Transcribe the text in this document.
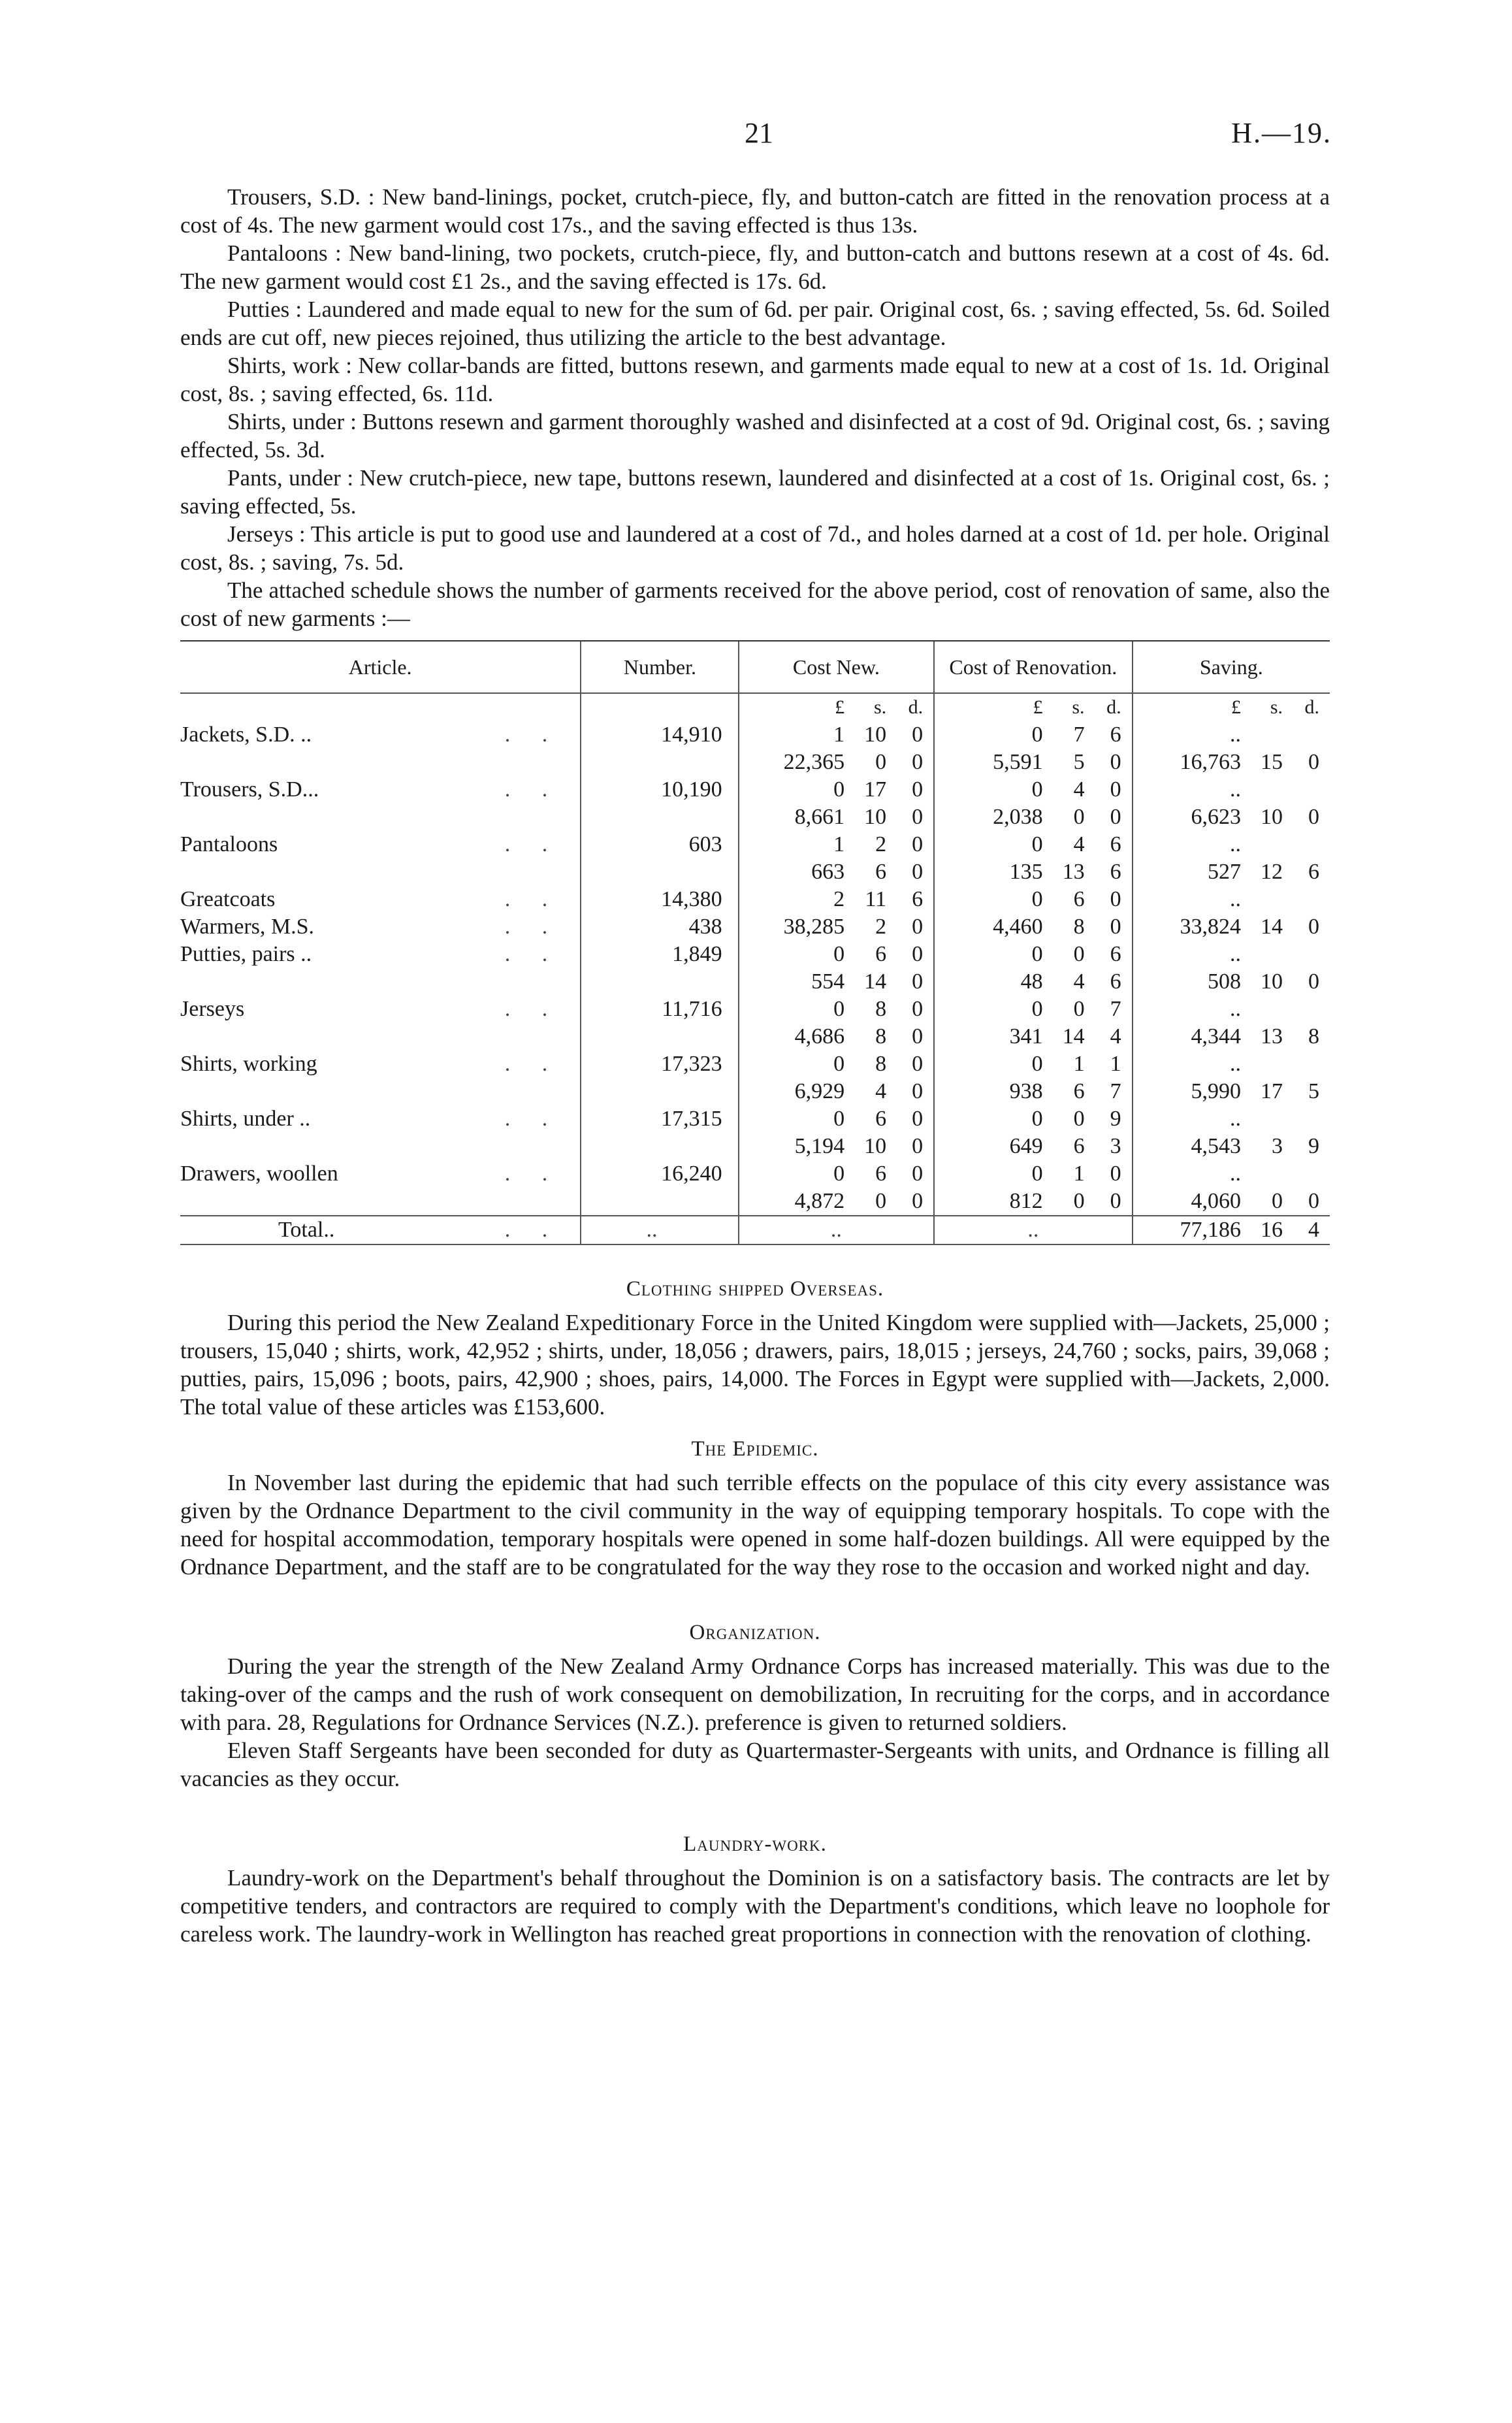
21	H.—19.

Trousers, S.D. : New band-linings, pocket, crutch-piece, fly, and button-catch are fitted in the renovation process at a cost of 4s. The new garment would cost 17s., and the saving effected is thus 13s.

Pantaloons : New band-lining, two pockets, crutch-piece, fly, and button-catch and buttons resewn at a cost of 4s. 6d. The new garment would cost £1 2s., and the saving effected is 17s. 6d.

Putties : Laundered and made equal to new for the sum of 6d. per pair. Original cost, 6s. ; saving effected, 5s. 6d. Soiled ends are cut off, new pieces rejoined, thus utilizing the article to the best advantage.

Shirts, work : New collar-bands are fitted, buttons resewn, and garments made equal to new at a cost of 1s. 1d. Original cost, 8s. ; saving effected, 6s. 11d.

Shirts, under : Buttons resewn and garment thoroughly washed and disinfected at a cost of 9d. Original cost, 6s. ; saving effected, 5s. 3d.

Pants, under : New crutch-piece, new tape, buttons resewn, laundered and disinfected at a cost of 1s. Original cost, 6s. ; saving effected, 5s.

Jerseys : This article is put to good use and laundered at a cost of 7d., and holes darned at a cost of 1d. per hole. Original cost, 8s. ; saving, 7s. 5d.

The attached schedule shows the number of garments received for the above period, cost of renovation of same, also the cost of new garments :—

Article.	Number.	Cost New.	Cost of Renovation.	Saving.

		£ s. d.	£ s. d.	£ s. d.

Jackets, S.D. .. . .	14,910	1 10 0	0 7 6	..

		22,365 0 0	5,591 5 0	16,763 15 0

Trousers, S.D... . .	10,190	0 17 0	0 4 0	..

		8,661 10 0	2,038 0 0	6,623 10 0

Pantaloons . .	603	1 2 0	0 4 6	..

		663 6 0	135 13 6	527 12 6

Greatcoats . .	14,380	2 11 6	0 6 0	..

Warmers, M.S. . .	438	38,285 2 0	4,460 8 0	33,824 14 0

Putties, pairs .. . .	1,849	0 6 0	0 0 6	..

		554 14 0	48 4 6	508 10 0

Jerseys . .	11,716	0 8 0	0 0 7	..

		4,686 8 0	341 14 4	4,344 13 8

Shirts, working . .	17,323	0 8 0	0 1 1	..

		6,929 4 0	938 6 7	5,990 17 5

Shirts, under .. . .	17,315	0 6 0	0 0 9	..

		5,194 10 0	649 6 3	4,543 3 9

Drawers, woollen . .	16,240	0 6 0	0 1 0	..

		4,872 0 0	812 0 0	4,060 0 0

Total.. . .	..	..	..	77,186 16 4
Clothing shipped Overseas.

During this period the New Zealand Expeditionary Force in the United Kingdom were supplied with—Jackets, 25,000 ; trousers, 15,040 ; shirts, work, 42,952 ; shirts, under, 18,056 ; drawers, pairs, 18,015 ; jerseys, 24,760 ; socks, pairs, 39,068 ; putties, pairs, 15,096 ; boots, pairs, 42,900 ; shoes, pairs, 14,000. The Forces in Egypt were supplied with—Jackets, 2,000. The total value of these articles was £153,600.

The Epidemic.

In November last during the epidemic that had such terrible effects on the populace of this city every assistance was given by the Ordnance Department to the civil community in the way of equipping temporary hospitals. To cope with the need for hospital accommodation, temporary hospitals were opened in some half-dozen buildings. All were equipped by the Ordnance Department, and the staff are to be congratulated for the way they rose to the occasion and worked night and day.

Organization.

During the year the strength of the New Zealand Army Ordnance Corps has increased materially. This was due to the taking-over of the camps and the rush of work consequent on demobilization, In recruiting for the corps, and in accordance with para. 28, Regulations for Ordnance Services (N.Z.). preference is given to returned soldiers.

Eleven Staff Sergeants have been seconded for duty as Quartermaster-Sergeants with units, and Ordnance is filling all vacancies as they occur.

Laundry-work.

Laundry-work on the Department's behalf throughout the Dominion is on a satisfactory basis. The contracts are let by competitive tenders, and contractors are required to comply with the Department's conditions, which leave no loophole for careless work. The laundry-work in Wellington has reached great proportions in connection with the renovation of clothing.
